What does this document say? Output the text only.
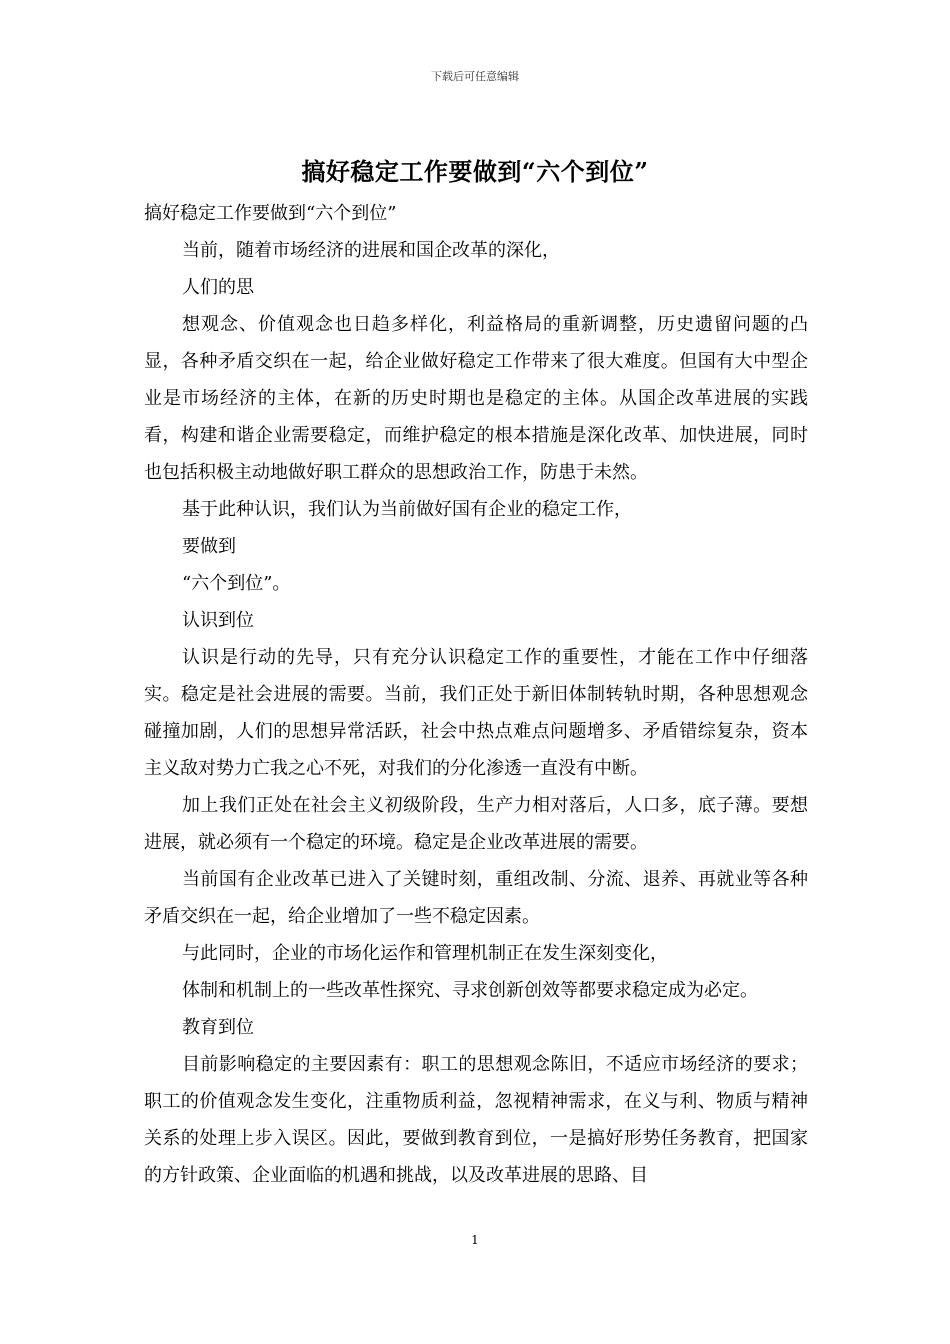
下载后可任意编辑
搞好稳定工作要做到“六个到位”

搞好稳定工作要做到“六个到位”

当前，随着市场经济的进展和国企改革的深化，

人们的思

想观念、价值观念也日趋多样化，利益格局的重新调整，历史遗留问题的凸显，各种矛盾交织在一起，给企业做好稳定工作带来了很大难度。但国有大中型企业是市场经济的主体，在新的历史时期也是稳定的主体。从国企改革进展的实践看，构建和谐企业需要稳定，而维护稳定的根本措施是深化改革、加快进展，同时也包括积极主动地做好职工群众的思想政治工作，防患于未然。

基于此种认识，我们认为当前做好国有企业的稳定工作，

要做到

“六个到位”。

认识到位

认识是行动的先导，只有充分认识稳定工作的重要性，才能在工作中仔细落实。稳定是社会进展的需要。当前，我们正处于新旧体制转轨时期，各种思想观念碰撞加剧，人们的思想异常活跃，社会中热点难点问题增多、矛盾错综复杂，资本主义敌对势力亡我之心不死，对我们的分化渗透一直没有中断。

加上我们正处在社会主义初级阶段，生产力相对落后，人口多，底子薄。要想进展，就必须有一个稳定的环境。稳定是企业改革进展的需要。

当前国有企业改革已进入了关键时刻，重组改制、分流、退养、再就业等各种矛盾交织在一起，给企业增加了一些不稳定因素。

与此同时，企业的市场化运作和管理机制正在发生深刻变化，

体制和机制上的一些改革性探究、寻求创新创效等都要求稳定成为必定。

教育到位

目前影响稳定的主要因素有：职工的思想观念陈旧，不适应市场经济的要求；职工的价值观念发生变化，注重物质利益，忽视精神需求，在义与利、物质与精神关系的处理上步入误区。因此，要做到教育到位，一是搞好形势任务教育，把国家的方针政策、企业面临的机遇和挑战，以及改革进展的思路、目

1
